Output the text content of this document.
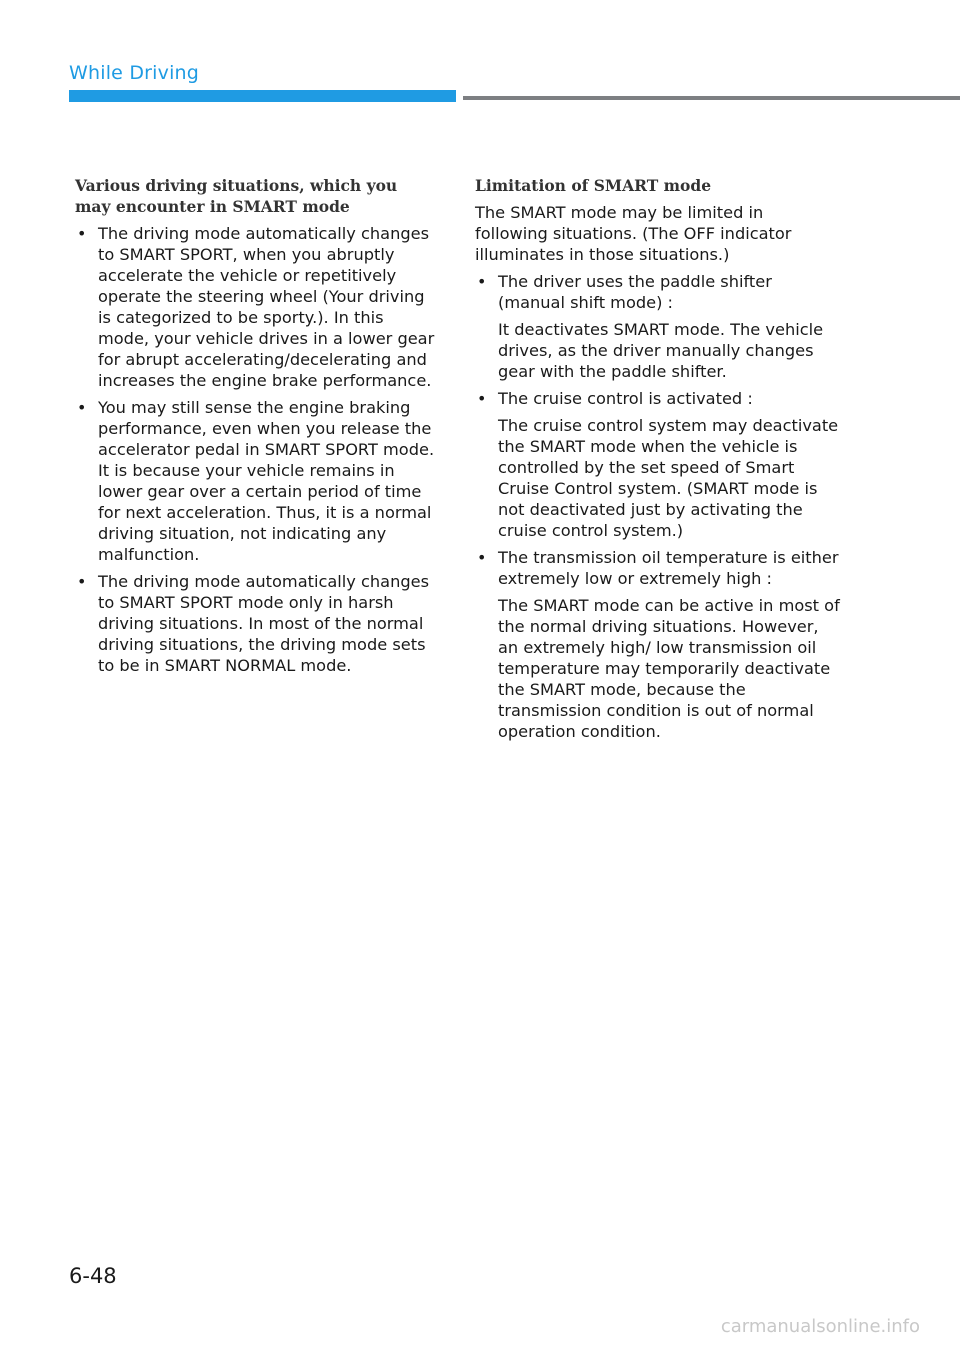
While Driving

Various driving situations, which you may encounter in SMART mode

• The driving mode automatically changes to SMART SPORT, when you abruptly accelerate the vehicle or repetitively operate the steering wheel (Your driving is categorized to be sporty.). In this mode, your vehicle drives in a lower gear for abrupt accelerating/decelerating and increases the engine brake performance.
• You may still sense the engine braking performance, even when you release the accelerator pedal in SMART SPORT mode. It is because your vehicle remains in lower gear over a certain period of time for next acceleration. Thus, it is a normal driving situation, not indicating any malfunction.
• The driving mode automatically changes to SMART SPORT mode only in harsh driving situations. In most of the normal driving situations, the driving mode sets to be in SMART NORMAL mode.

Limitation of SMART mode

The SMART mode may be limited in following situations. (The OFF indicator illuminates in those situations.)

• The driver uses the paddle shifter (manual shift mode) :
It deactivates SMART mode. The vehicle drives, as the driver manually changes gear with the paddle shifter.
• The cruise control is activated :
The cruise control system may deactivate the SMART mode when the vehicle is controlled by the set speed of Smart Cruise Control system. (SMART mode is not deactivated just by activating the cruise control system.)
• The transmission oil temperature is either extremely low or extremely high :
The SMART mode can be active in most of the normal driving situations. However, an extremely high/ low transmission oil temperature may temporarily deactivate the SMART mode, because the transmission condition is out of normal operation condition.
6-48
carmanualsonline.info
